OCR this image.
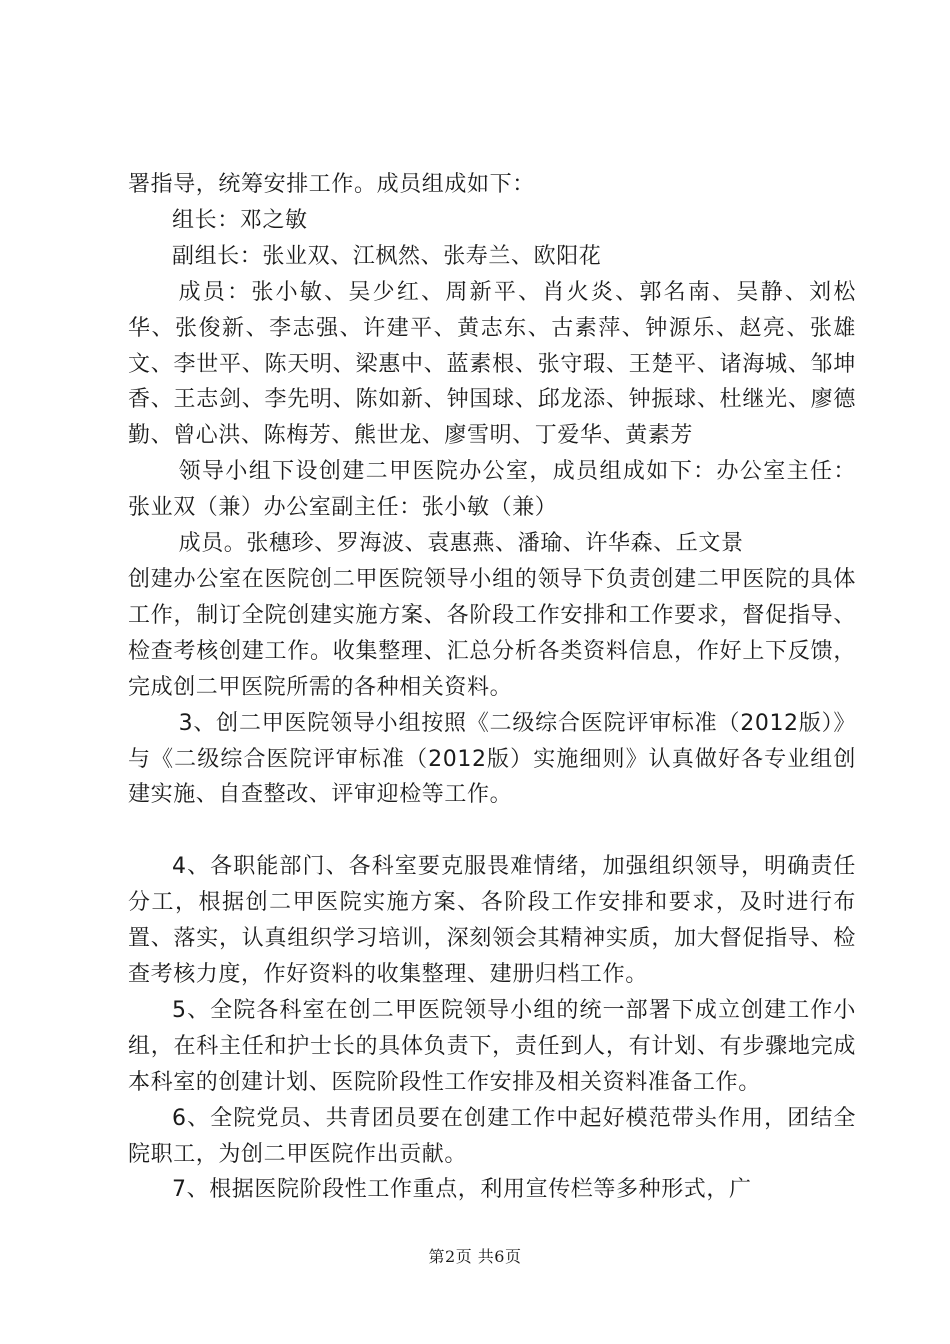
署指导，统筹安排工作。成员组成如下：

组长：邓之敏

副组长：张业双、江枫然、张寿兰、欧阳花

成员：张小敏、吴少红、周新平、肖火炎、郭名南、吴静、刘松华、张俊新、李志强、许建平、黄志东、古素萍、钟源乐、赵亮、张雄文、李世平、陈天明、梁惠中、蓝素根、张守瑕、王楚平、诸海城、邹坤香、王志剑、李先明、陈如新、钟国球、邱龙添、钟振球、杜继光、廖德勤、曾心洪、陈梅芳、熊世龙、廖雪明、丁爱华、黄素芳

领导小组下设创建二甲医院办公室，成员组成如下：办公室主任：张业双（兼）办公室副主任：张小敏（兼）

成员。张穗珍、罗海波、袁惠燕、潘瑜、许华森、丘文景

创建办公室在医院创二甲医院领导小组的领导下负责创建二甲医院的具体工作，制订全院创建实施方案、各阶段工作安排和工作要求，督促指导、检查考核创建工作。收集整理、汇总分析各类资料信息，作好上下反馈，完成创二甲医院所需的各种相关资料。

3、创二甲医院领导小组按照《二级综合医院评审标准（2012版）》与《二级综合医院评审标准（2012版）实施细则》认真做好各专业组创建实施、自查整改、评审迎检等工作。

4、各职能部门、各科室要克服畏难情绪，加强组织领导，明确责任分工，根据创二甲医院实施方案、各阶段工作安排和要求，及时进行布置、落实，认真组织学习培训，深刻领会其精神实质，加大督促指导、检查考核力度，作好资料的收集整理、建册归档工作。

5、全院各科室在创二甲医院领导小组的统一部署下成立创建工作小组，在科主任和护士长的具体负责下，责任到人，有计划、有步骤地完成本科室的创建计划、医院阶段性工作安排及相关资料准备工作。

6、全院党员、共青团员要在创建工作中起好模范带头作用，团结全院职工，为创二甲医院作出贡献。

7、根据医院阶段性工作重点，利用宣传栏等多种形式，广

第2页 共6页
